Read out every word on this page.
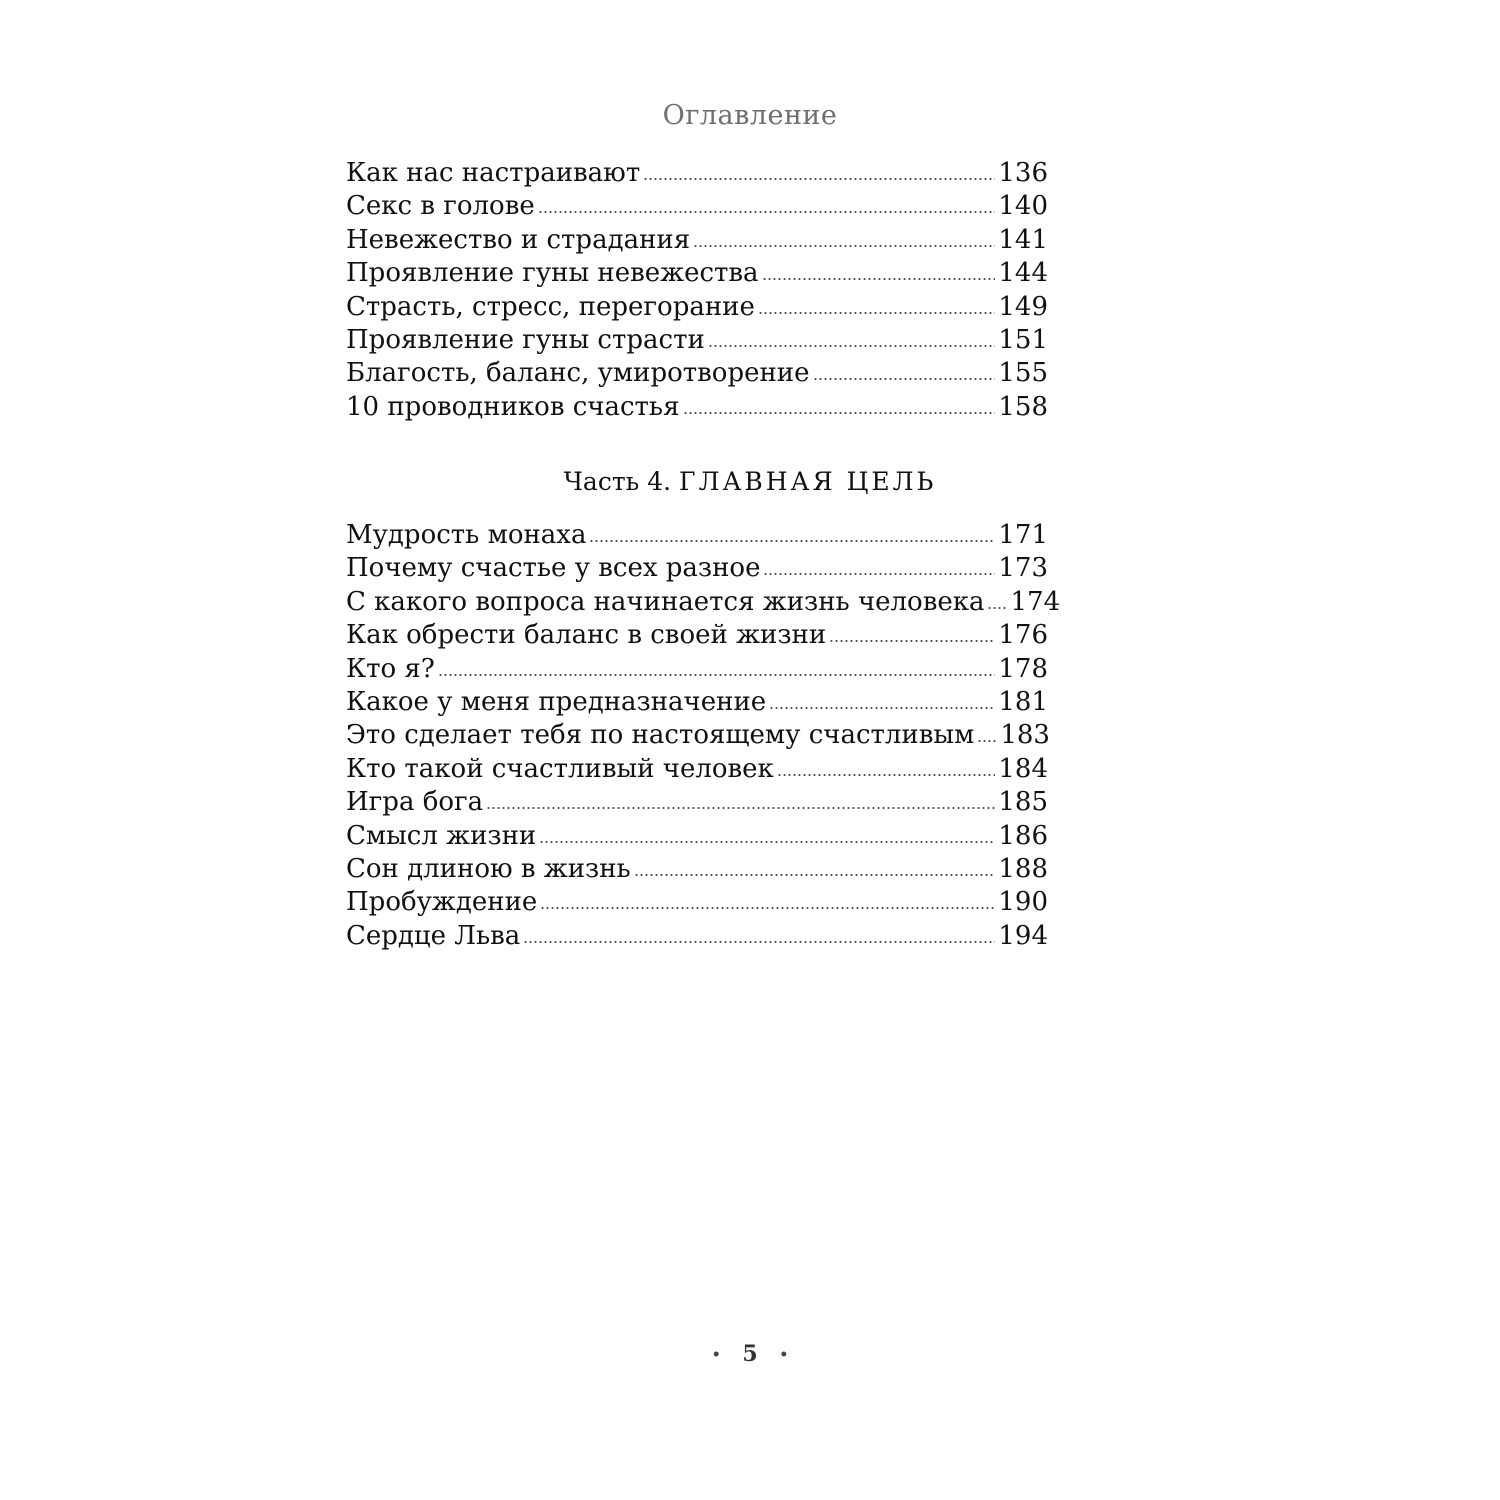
Оглавление
Как нас настраивают	136
Секс в голове	140
Невежество и страдания	141
Проявление гуны невежества	144
Страсть, стресс, перегорание	149
Проявление гуны страсти	151
Благость, баланс, умиротворение	155
10 проводников счастья	158
Часть 4. ГЛАВНАЯ ЦЕЛЬ
Мудрость монаха	171
Почему счастье у всех разное	173
С какого вопроса начинается жизнь человека 174
Как обрести баланс в своей жизни	176
Кто я?	178
Какое у меня предназначение	181
Это сделает тебя по настоящему счастливым 183
Кто такой счастливый человек	184
Игра бога	185
Смысл жизни	186
Сон длиною в жизнь	188
Пробуждение	190
Сердце Льва	194
• 5 •
